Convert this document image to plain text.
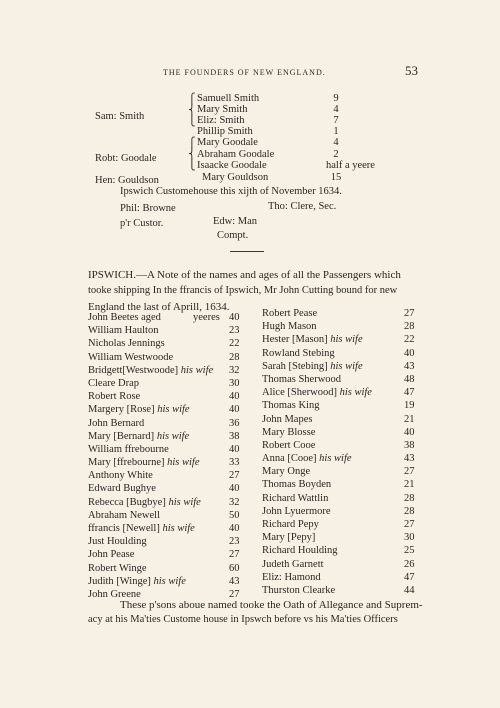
THE FOUNDERS OF NEW ENGLAND.	53
Sam: Smith
⎧
⎨
⎩
Samuell Smith	9
Mary Smith	4
Eliz: Smith	7
Phillip Smith	1
Robt: Goodale
⎧
⎨
⎩
Mary Goodale	4
Abraham Goodale	2
Isaacke Goodale	half a yeere
Hen: Gouldson	Mary Gouldson	15
Ipswich Customehouse this xijth of November 1634.
Phil: Browne	Tho: Clere, Sec.
p'r Custor.	Edw: Man
Compt.
IPSWICH.—A Note of the names and ages of all the Passengers which
tooke shipping In the ffrancis of Ipswich, Mr John Cutting bound for new
England the last of Aprill, 1634.
John Beetes aged	yeeres 40
William Haulton	23
Nicholas Jennings	22
William Westwoode	28
Bridgett[Westwoode] his wife 32
Cleare Drap	30
Robert Rose	40
Margery [Rose] his wife	40
John Bernard	36
Mary [Bernard] his wife	38
William ffrebourne	40
Mary [ffrebourne] his wife	33
Anthony White	27
Edward Bughye	40
Rebecca [Bugbye] his wife	32
Abraham Newell	50
ffrancis [Newell] his wife	40
Just Houlding	23
John Pease	27
Robert Winge	60
Judith [Winge] his wife	43
John Greene	27
Robert Pease	27
Hugh Mason	28
Hester [Mason] his wife	22
Rowland Stebing	40
Sarah [Stebing] his wife	43
Thomas Sherwood	48
Alice [Sherwood] his wife	47
Thomas King	19
John Mapes	21
Mary Blosse	40
Robert Cooe	38
Anna [Cooe] his wife	43
Mary Onge	27
Thomas Boyden	21
Richard Wattlin	28
John Lyuermore	28
Richard Pepy	27
Mary [Pepy]	30
Richard Houlding	25
Judeth Garnett	26
Eliz: Hamond	47
Thurston Clearke	44
These p'sons aboue named tooke the Oath of Allegance and Suprem-
acy at his Ma'ties Custome house in Ipswch before vs his Ma'ties Officers
